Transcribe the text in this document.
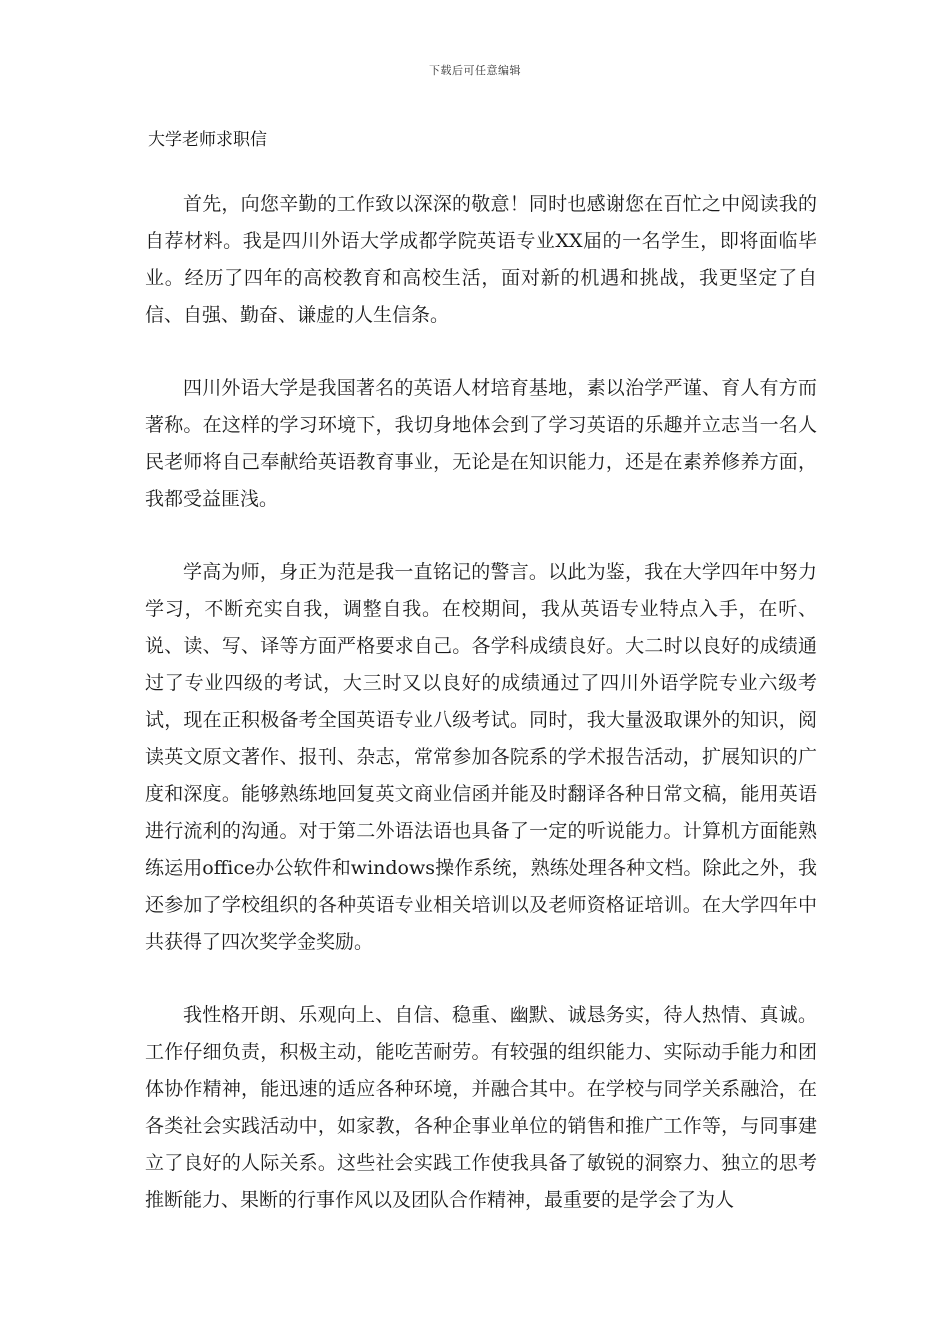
下载后可任意编辑
大学老师求职信

首先，向您辛勤的工作致以深深的敬意！同时也感谢您在百忙之中阅读我的自荐材料。我是四川外语大学成都学院英语专业XX届的一名学生，即将面临毕业。经历了四年的高校教育和高校生活，面对新的机遇和挑战，我更坚定了自信、自强、勤奋、谦虚的人生信条。

四川外语大学是我国著名的英语人材培育基地，素以治学严谨、育人有方而著称。在这样的学习环境下，我切身地体会到了学习英语的乐趣并立志当一名人民老师将自己奉献给英语教育事业，无论是在知识能力，还是在素养修养方面，我都受益匪浅。

学高为师，身正为范是我一直铭记的警言。以此为鉴，我在大学四年中努力学习，不断充实自我，调整自我。在校期间，我从英语专业特点入手，在听、说、读、写、译等方面严格要求自己。各学科成绩良好。大二时以良好的成绩通过了专业四级的考试，大三时又以良好的成绩通过了四川外语学院专业六级考试，现在正积极备考全国英语专业八级考试。同时，我大量汲取课外的知识，阅读英文原文著作、报刊、杂志，常常参加各院系的学术报告活动，扩展知识的广度和深度。能够熟练地回复英文商业信函并能及时翻译各种日常文稿，能用英语进行流利的沟通。对于第二外语法语也具备了一定的听说能力。计算机方面能熟练运用office办公软件和windows操作系统，熟练处理各种文档。除此之外，我还参加了学校组织的各种英语专业相关培训以及老师资格证培训。在大学四年中共获得了四次奖学金奖励。

我性格开朗、乐观向上、自信、稳重、幽默、诚恳务实，待人热情、真诚。工作仔细负责，积极主动，能吃苦耐劳。有较强的组织能力、实际动手能力和团体协作精神，能迅速的适应各种环境，并融合其中。在学校与同学关系融洽，在各类社会实践活动中，如家教，各种企事业单位的销售和推广工作等，与同事建立了良好的人际关系。这些社会实践工作使我具备了敏锐的洞察力、独立的思考推断能力、果断的行事作风以及团队合作精神，最重要的是学会了为人
